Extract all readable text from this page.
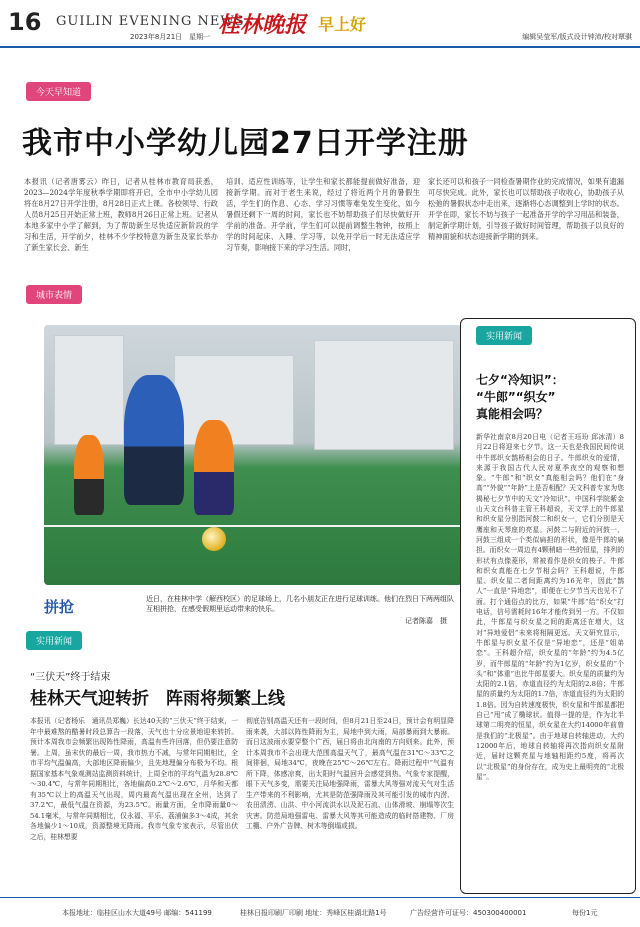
16 GUILIN EVENING NEWS
2023年8月21日　星期一 桂林晚报 早上好
编辑吴莹军/版式设计钟沛/校对覃骐
今天早知道
我市中小学幼儿园27日开学注册
本报讯（记者唐雾云）昨日，记者从桂林市教育局获悉，2023—2024学年度秋季学期即将开启，全市中小学幼儿园将在8月27日开学注册，8月28日正式上课。各校领导、行政人员8月25日开始正常上班，教师8月26日正常上班。记者从本地多家中小学了解到，为了帮助新生尽快适应新阶段的学习和生活，开学前夕，桂林不少学校特意为新生及家长举办了新生家长会、新生
培训、适应性训练等，让学生和家长都能提前做好准备，迎接新学期。而对于老生来说，经过了将近两个月的暑假生活，学生们的作息、心态、学习习惯等难免发生变化，如今暑假还剩下一周的时间，家长也不妨帮助孩子们尽快做好开学前的准备。开学前，学生们可以提前调整生物钟，按照上学的时间起床、入睡、学习等，以免开学后一时无法适应学习节奏，影响接下来的学习生活。同时，
家长还可以和孩子一同检查暑期作业的完成情况，如果有遗漏可尽快完成。此外，家长也可以帮助孩子收收心，协助孩子从松弛的暑假状态中走出来，逐渐将心态调整到上学时的状态。开学在即，家长不妨与孩子一起准备开学的学习用品和装备，制定新学期计划，引导孩子做好时间管理，帮助孩子以良好的精神面貌和状态迎接新学期的到来。
城市表情
拼抢	近日，在桂林中学（解西校区）的足球场上，几名小朋友正在进行足球训练。他们在烈日下两两组队互相拼抢，在感受假期里运动带来的快乐。
记者陈嘉　摄
实用新闻
七夕“冷知识”：
“牛郎”“织女”
真能相会吗？
新华社南京8月20日电（记者王珏玢 邱冰清）8月22日将迎来七夕节。这一天也是我国民间传说中牛郎织女鹊桥相会的日子。牛郎织女的爱情，来源于我国古代人民对夏季夜空的观察和想象。“牛郎”和“织女”真能相会吗？他们在“身高”“外貌”“年龄”上是否相配？天文科普专家为您揭秘七夕节中的天文“冷知识”。中国科学院紫金山天文台科普主管王科超说，天文学上的牛郎星和织女星分别指河鼓二和织女一，它们分别是天鹰座和天琴座的亮星。河鼓二与附近的河鼓一、河鼓三组成一个类似扁担的形状，像是牛郎的扁担。而织女一周边有4颗稍暗一些的恒星，排列的形状有点像菱形，常被看作是织女的梭子。牛郎和织女真能在七夕节相会吗？王科超说，牛郎星、织女星二者间距离约为16光年，因此“鹊人”一直是“异地恋”，即便在七夕节当天也见不了面。打个通俗点的比方，如果“牛郎”给“织女”打电话，信号需耗时16年才能传到另一方。不仅如此，牛郎星与织女星之间的距离还在增大，这对“异地爱侣”未来将相隔更远。天文研究显示，牛郎星与织女星不仅是“异地恋”，还是“姐弟恋”。王科超介绍，织女星的“年龄”约为4.5亿岁，而牛郎星的“年龄”约为1亿岁，织女星的“个头”和“体重”也比牛郎星要大。织女星的质量约为太阳的2.1倍，赤道直径约为太阳的2.8倍；牛郎星的质量约为太阳的1.7倍，赤道直径约为太阳的1.8倍。因为自转速度极快，织女星和牛郎星都把自己“甩”成了椭球状。值得一提的是，作为北半球第二明亮的恒星，织女星在大约14000年前曾是我们的“北极星”。由于地球自转轴进动，大约12000年后，地球自转轴将再次指向织女星附近，届时这颗亮星与地轴相距约5度，将再次以“北极星”的身份存在，成为史上最明亮的“北极星”。
实用新闻
“三伏天”终于结束
桂林天气迎转折　阵雨将频繁上线
本报讯（记者杨乐　通讯员郑巍）长达40天的“三伏天”终于结束，一年中最难熬的酷暑时段总算告一段落，天气也十分应景地迎来转折。预计本周我市会频繁出现阵性降雨，高温有些许回落，但仍要注意防暑。上周，虽末伏的最后一周，我市热力不减，与常年同期相比，全市平均气温偏高，大部地区降雨偏少，且先地理偏分布极为不均。根据国家基本气象观测站监测资料统计，上周全市的平均气温为28.8℃～30.4℃，与常年同期相比，各地偏高0.2℃～2.6℃，月华和天都有35℃以上的高温天气出现，周内最高气温出现在全州，达到了37.2℃，最低气温在资源，为23.5℃。雨量方面，全市降雨量0～54.1毫米，与常年同期相比，仅永福、平乐、荔浦偏多3～4成，其余各地偏少1～10成，资源整境无降雨。我市气象专家表示，尽管出伏之后，桂林想要
彻底告别高温天还有一段时间，但8月21日至24日，预计会有明显降雨来袭，大部以阵性降雨为主，局地中到大雨，局部暴雨到大暴雨。而日这波雨水要穿整个广西，届日将由北向南的方向则来。此外，预计本周我市不会出现大范围高温天气了，最高气温在31℃～33℃之间徘徊，局地34℃，夜晚在25℃～26℃左右。降雨过程中“气温有所下降，体感凉爽，出太阳时气温回升会感觉到热。气象专家提醒，眼下天气多变，需要关注局地强降雨，雷暴大风等强对流天气对生活生产带来的不利影响，尤其是防范强降雨及其可能引发的城市内涝、农田渍涝、山洪、中小河流洪水以及泥石流、山体滑坡、崩塌等次生灾害。防范局地强雷电、雷暴大风等其可能造成的临时搭建物、厂房工棚、户外广告牌、树木等倒塌或损。
本报地址：临桂区山水大道49号 邮编：541199	桂林日报印刷厂印刷 地址：秀峰区桂湖北路1号	广告经营许可证号：450300400001	每份1元
